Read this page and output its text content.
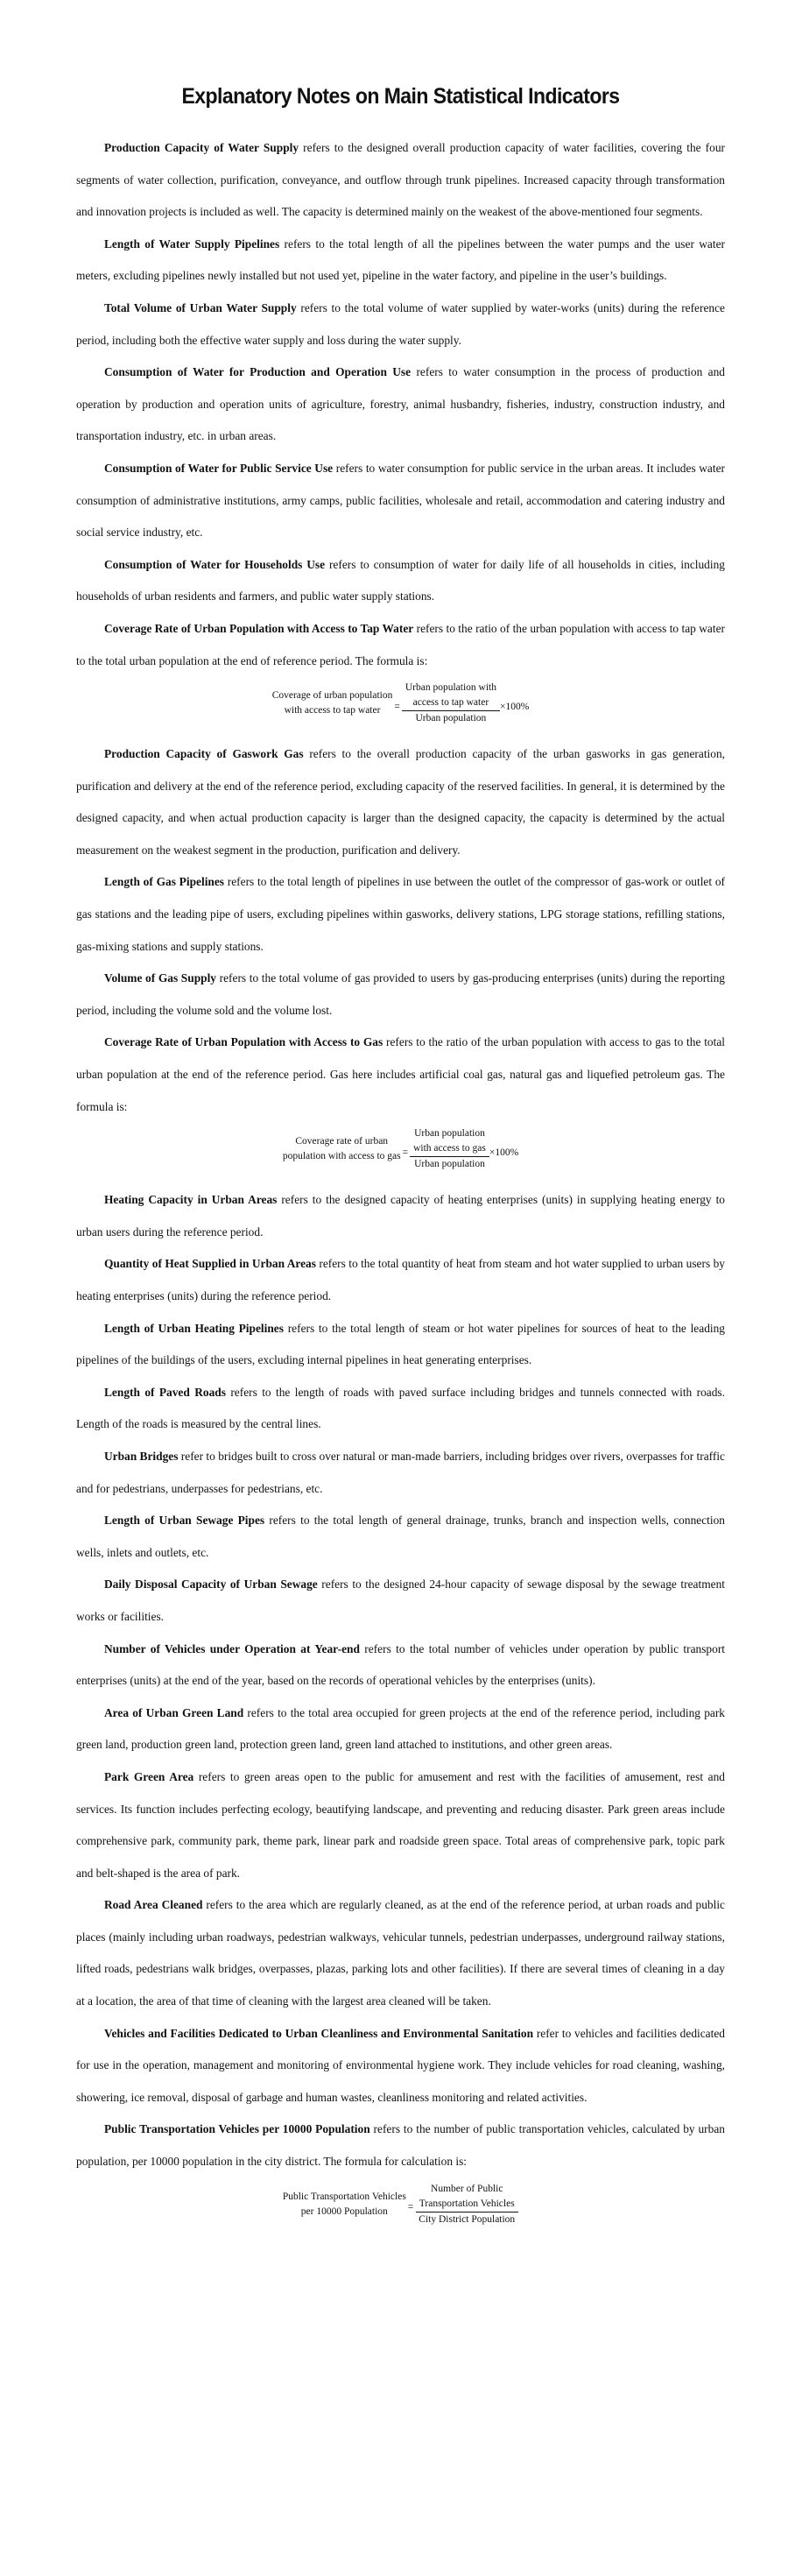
Explanatory Notes on Main Statistical Indicators

Production Capacity of Water Supply refers to the designed overall production capacity of water facilities, covering the four segments of water collection, purification, conveyance, and outflow through trunk pipelines. Increased capacity through transformation and innovation projects is included as well. The capacity is determined mainly on the weakest of the above-mentioned four segments.

Length of Water Supply Pipelines refers to the total length of all the pipelines between the water pumps and the user water meters, excluding pipelines newly installed but not used yet, pipeline in the water factory, and pipeline in the user’s buildings.

Total Volume of Urban Water Supply refers to the total volume of water supplied by water-works (units) during the reference period, including both the effective water supply and loss during the water supply.

Consumption of Water for Production and Operation Use refers to water consumption in the process of production and operation by production and operation units of agriculture, forestry, animal husbandry, fisheries, industry, construction industry, and transportation industry, etc. in urban areas.

Consumption of Water for Public Service Use refers to water consumption for public service in the urban areas. It includes water consumption of administrative institutions, army camps, public facilities, wholesale and retail, accommodation and catering industry and social service industry, etc.

Consumption of Water for Households Use refers to consumption of water for daily life of all households in cities, including households of urban residents and farmers, and public water supply stations.

Coverage Rate of Urban Population with Access to Tap Water refers to the ratio of the urban population with access to tap water to the total urban population at the end of reference period. The formula is:

Coverage of urban population
with access to tap water	= Urban population with
access to tap water
Urban population ×100%

Production Capacity of Gaswork Gas refers to the overall production capacity of the urban gasworks in gas generation, purification and delivery at the end of the reference period, excluding capacity of the reserved facilities. In general, it is determined by the designed capacity, and when actual production capacity is larger than the designed capacity, the capacity is determined by the actual measurement on the weakest segment in the production, purification and delivery.

Length of Gas Pipelines refers to the total length of pipelines in use between the outlet of the compressor of gas-work or outlet of gas stations and the leading pipe of users, excluding pipelines within gasworks, delivery stations, LPG storage stations, refilling stations, gas-mixing stations and supply stations.

Volume of Gas Supply refers to the total volume of gas provided to users by gas-producing enterprises (units) during the reporting period, including the volume sold and the volume lost.

Coverage Rate of Urban Population with Access to Gas refers to the ratio of the urban population with access to gas to the total urban population at the end of the reference period. Gas here includes artificial coal gas, natural gas and liquefied petroleum gas. The formula is:

Coverage rate of urban
population with access to gas = Urban population
with access to gas
Urban population ×100%

Heating Capacity in Urban Areas refers to the designed capacity of heating enterprises (units) in supplying heating energy to urban users during the reference period.

Quantity of Heat Supplied in Urban Areas refers to the total quantity of heat from steam and hot water supplied to urban users by heating enterprises (units) during the reference period.

Length of Urban Heating Pipelines refers to the total length of steam or hot water pipelines for sources of heat to the leading pipelines of the buildings of the users, excluding internal pipelines in heat generating enterprises.

Length of Paved Roads refers to the length of roads with paved surface including bridges and tunnels connected with roads. Length of the roads is measured by the central lines.

Urban Bridges refer to bridges built to cross over natural or man-made barriers, including bridges over rivers, overpasses for traffic and for pedestrians, underpasses for pedestrians, etc.

Length of Urban Sewage Pipes refers to the total length of general drainage, trunks, branch and inspection wells, connection wells, inlets and outlets, etc.

Daily Disposal Capacity of Urban Sewage refers to the designed 24-hour capacity of sewage disposal by the sewage treatment works or facilities.

Number of Vehicles under Operation at Year-end refers to the total number of vehicles under operation by public transport enterprises (units) at the end of the year, based on the records of operational vehicles by the enterprises (units).

Area of Urban Green Land refers to the total area occupied for green projects at the end of the reference period, including park green land, production green land, protection green land, green land attached to institutions, and other green areas.

Park Green Area refers to green areas open to the public for amusement and rest with the facilities of amusement, rest and services. Its function includes perfecting ecology, beautifying landscape, and preventing and reducing disaster. Park green areas include comprehensive park, community park, theme park, linear park and roadside green space. Total areas of comprehensive park, topic park and belt-shaped is the area of park.

Road Area Cleaned refers to the area which are regularly cleaned, as at the end of the reference period, at urban roads and public places (mainly including urban roadways, pedestrian walkways, vehicular tunnels, pedestrian underpasses, underground railway stations, lifted roads, pedestrians walk bridges, overpasses, plazas, parking lots and other facilities). If there are several times of cleaning in a day at a location, the area of that time of cleaning with the largest area cleaned will be taken.

Vehicles and Facilities Dedicated to Urban Cleanliness and Environmental Sanitation refer to vehicles and facilities dedicated for use in the operation, management and monitoring of environmental hygiene work. They include vehicles for road cleaning, washing, showering, ice removal, disposal of garbage and human wastes, cleanliness monitoring and related activities.

Public Transportation Vehicles per 10000 Population refers to the number of public transportation vehicles, calculated by urban population, per 10000 population in the city district. The formula for calculation is:

Public Transportation Vehicles
per 10000 Population	= Number of Public
Transportation Vehicles
City District Population
